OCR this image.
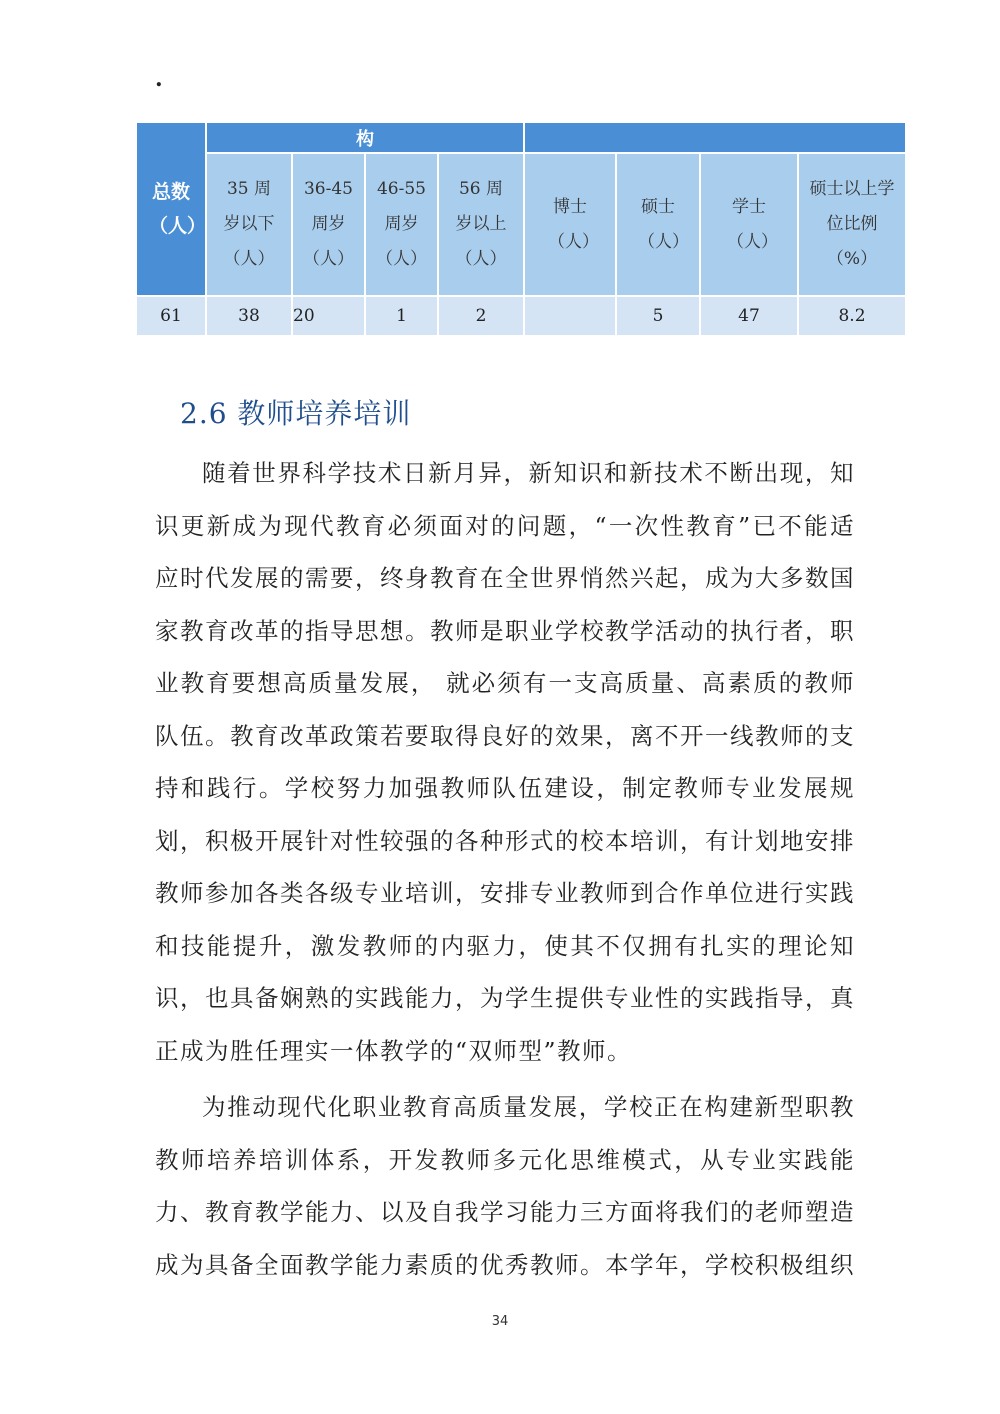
.
总数（人）	构							
	35 周岁以下（人）	36-45周岁（人）	46-55周岁（人）	56 周岁以上（人）	博士（人）	硕士（人）	学士（人）	硕士以上学位比例（%）
61	38	20	1	2		5	47	8.2
2.6 教师培养培训

随着世界科学技术日新月异，新知识和新技术不断出现，知识更新成为现代教育必须面对的问题，“一次性教育”已不能适应时代发展的需要，终身教育在全世界悄然兴起，成为大多数国家教育改革的指导思想。教师是职业学校教学活动的执行者，职业教育要想高质量发展， 就必须有一支高质量、高素质的教师队伍。教育改革政策若要取得良好的效果，离不开一线教师的支持和践行。学校努力加强教师队伍建设，制定教师专业发展规划，积极开展针对性较强的各种形式的校本培训，有计划地安排教师参加各类各级专业培训，安排专业教师到合作单位进行实践和技能提升，激发教师的内驱力，使其不仅拥有扎实的理论知识，也具备娴熟的实践能力，为学生提供专业性的实践指导，真正成为胜任理实一体教学的“双师型”教师。

为推动现代化职业教育高质量发展，学校正在构建新型职教教师培养培训体系，开发教师多元化思维模式，从专业实践能力、教育教学能力、以及自我学习能力三方面将我们的老师塑造成为具备全面教学能力素质的优秀教师。本学年，学校积极组织

34
